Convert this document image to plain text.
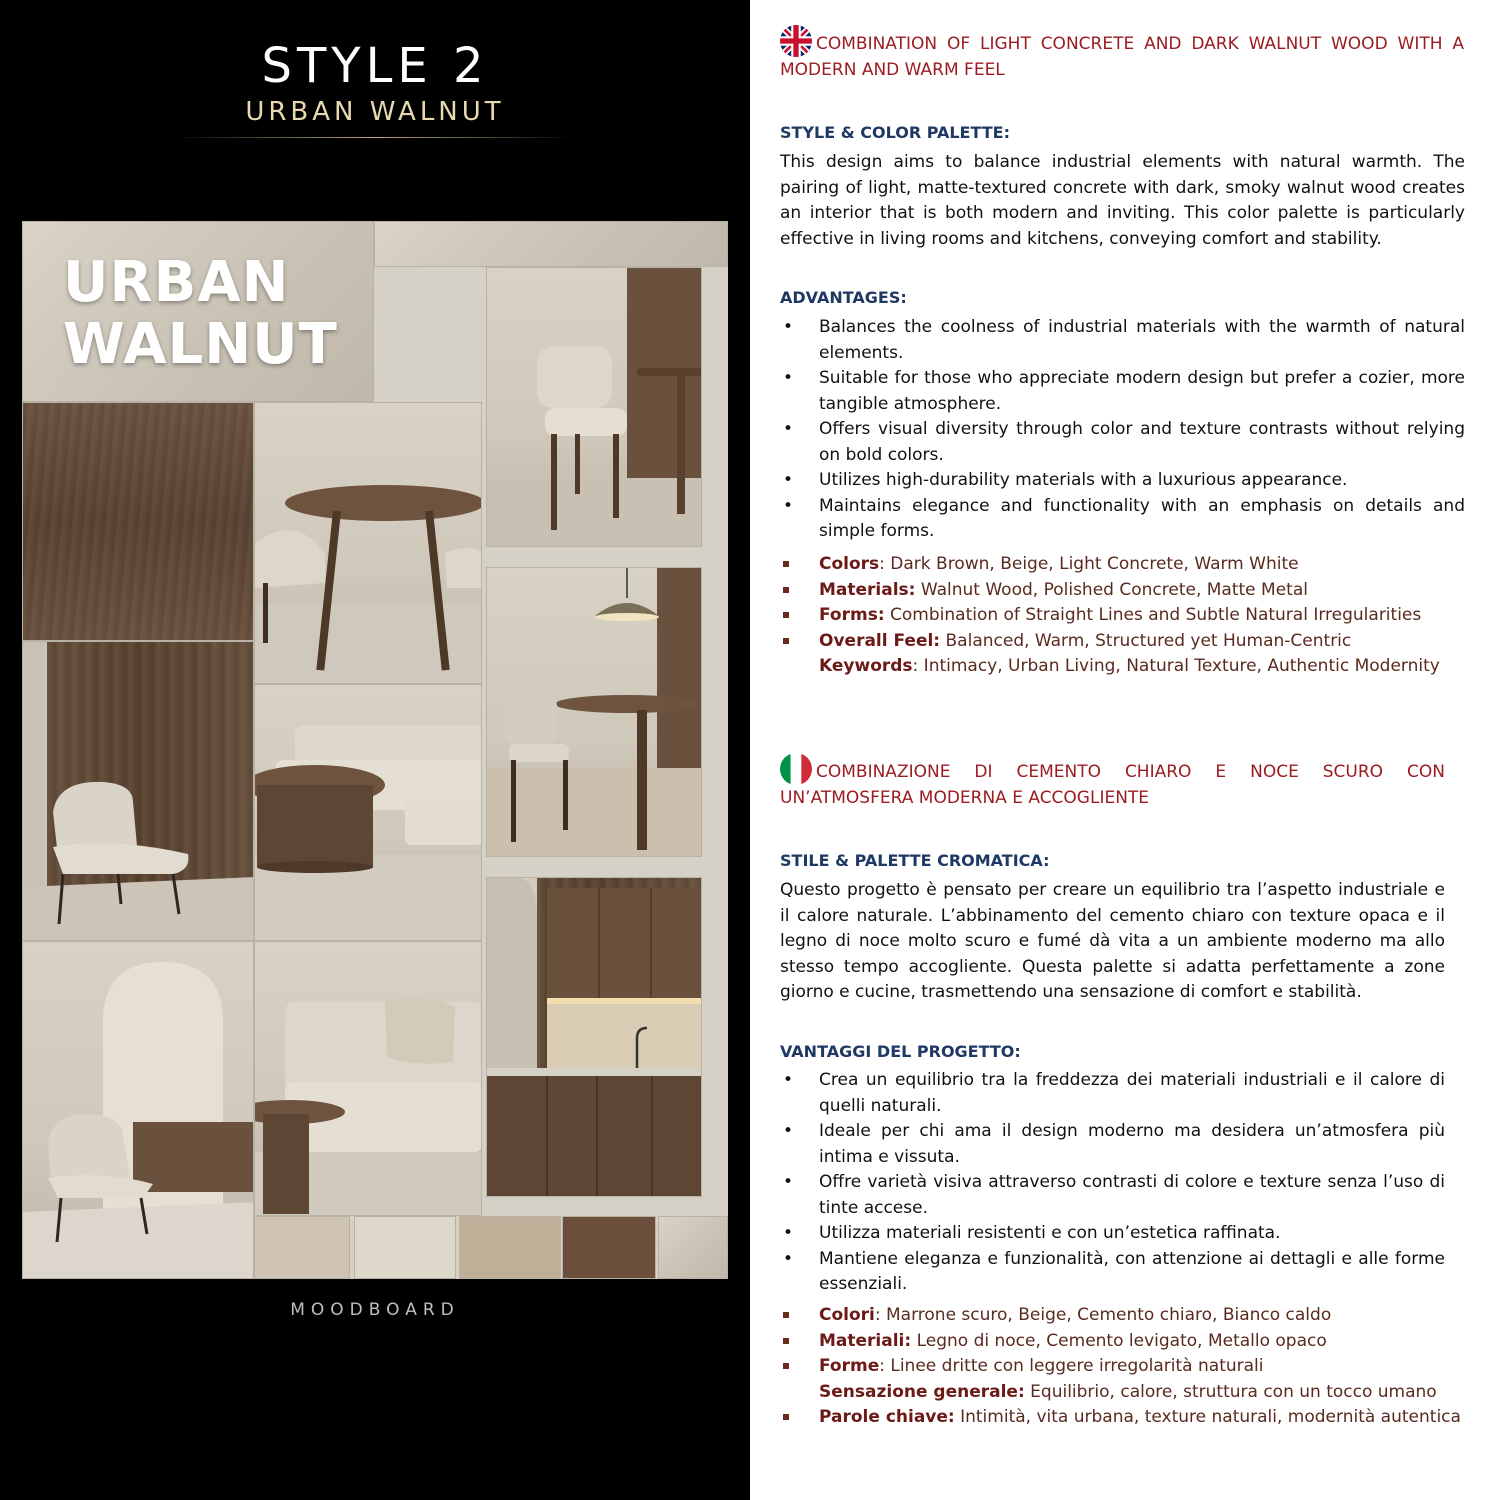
STYLE 2
URBAN WALNUT
URBAN
WALNUT
MOODBOARD
COMBINATION OF LIGHT CONCRETE AND DARK WALNUT WOOD WITH A MODERN AND WARM FEEL
STYLE & COLOR PALETTE:
This design aims to balance industrial elements with natural warmth. The pairing of light, matte-textured concrete with dark, smoky walnut wood creates an interior that is both modern and inviting. This color palette is particularly effective in living rooms and kitchens, conveying comfort and stability.
ADVANTAGES:
• Balances the coolness of industrial materials with the warmth of natural elements.
• Suitable for those who appreciate modern design but prefer a cozier, more tangible atmosphere.
• Offers visual diversity through color and texture contrasts without relying on bold colors.
• Utilizes high-durability materials with a luxurious appearance.
• Maintains elegance and functionality with an emphasis on details and simple forms.
Colors: Dark Brown, Beige, Light Concrete, Warm White
Materials: Walnut Wood, Polished Concrete, Matte Metal
Forms: Combination of Straight Lines and Subtle Natural Irregularities
Overall Feel: Balanced, Warm, Structured yet Human-Centric
Keywords: Intimacy, Urban Living, Natural Texture, Authentic Modernity
COMBINAZIONE DI CEMENTO CHIARO E NOCE SCURO CON UN’ATMOSFERA MODERNA E ACCOGLIENTE
STILE & PALETTE CROMATICA:
Questo progetto è pensato per creare un equilibrio tra l’aspetto industriale e il calore naturale. L’abbinamento del cemento chiaro con texture opaca e il legno di noce molto scuro e fumé dà vita a un ambiente moderno ma allo stesso tempo accogliente. Questa palette si adatta perfettamente a zone giorno e cucine, trasmettendo una sensazione di comfort e stabilità.
VANTAGGI DEL PROGETTO:
• Crea un equilibrio tra la freddezza dei materiali industriali e il calore di quelli naturali.
• Ideale per chi ama il design moderno ma desidera un’atmosfera più intima e vissuta.
• Offre varietà visiva attraverso contrasti di colore e texture senza l’uso di tinte accese.
• Utilizza materiali resistenti e con un’estetica raffinata.
• Mantiene eleganza e funzionalità, con attenzione ai dettagli e alle forme essenziali.
Colori: Marrone scuro, Beige, Cemento chiaro, Bianco caldo
Materiali: Legno di noce, Cemento levigato, Metallo opaco
Forme: Linee dritte con leggere irregolarità naturali
Sensazione generale: Equilibrio, calore, struttura con un tocco umano
Parole chiave: Intimità, vita urbana, texture naturali, modernità autentica
